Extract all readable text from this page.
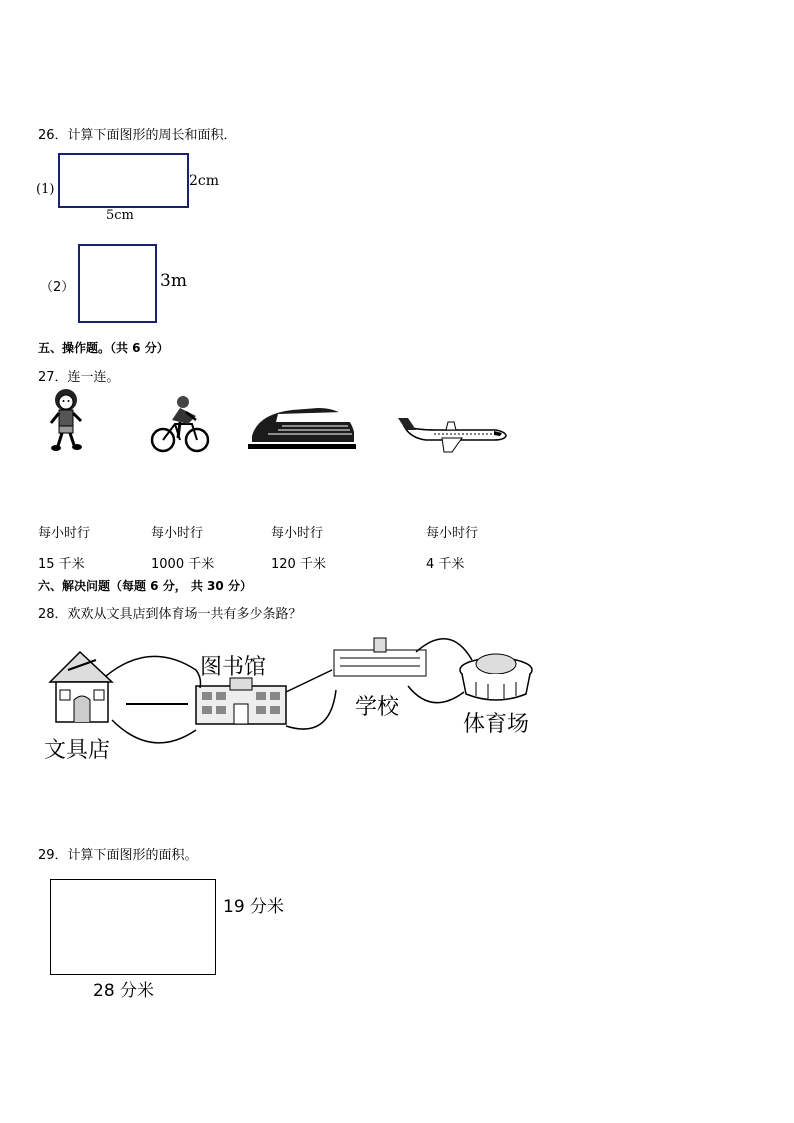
26．计算下面图形的周长和面积．
(1)
2cm
5cm
（2）	3m
五、操作题。（共 6 分）
27．连一连。
每小时行
15 千米
每小时行
1000 千米
每小时行
120 千米
每小时行
4 千米
六、解决问题（每题 6 分， 共 30 分）
28．欢欢从文具店到体育场一共有多少条路？
图书馆
学校
体育场
文具店
29．计算下面图形的面积。
19 分米
28 分米
